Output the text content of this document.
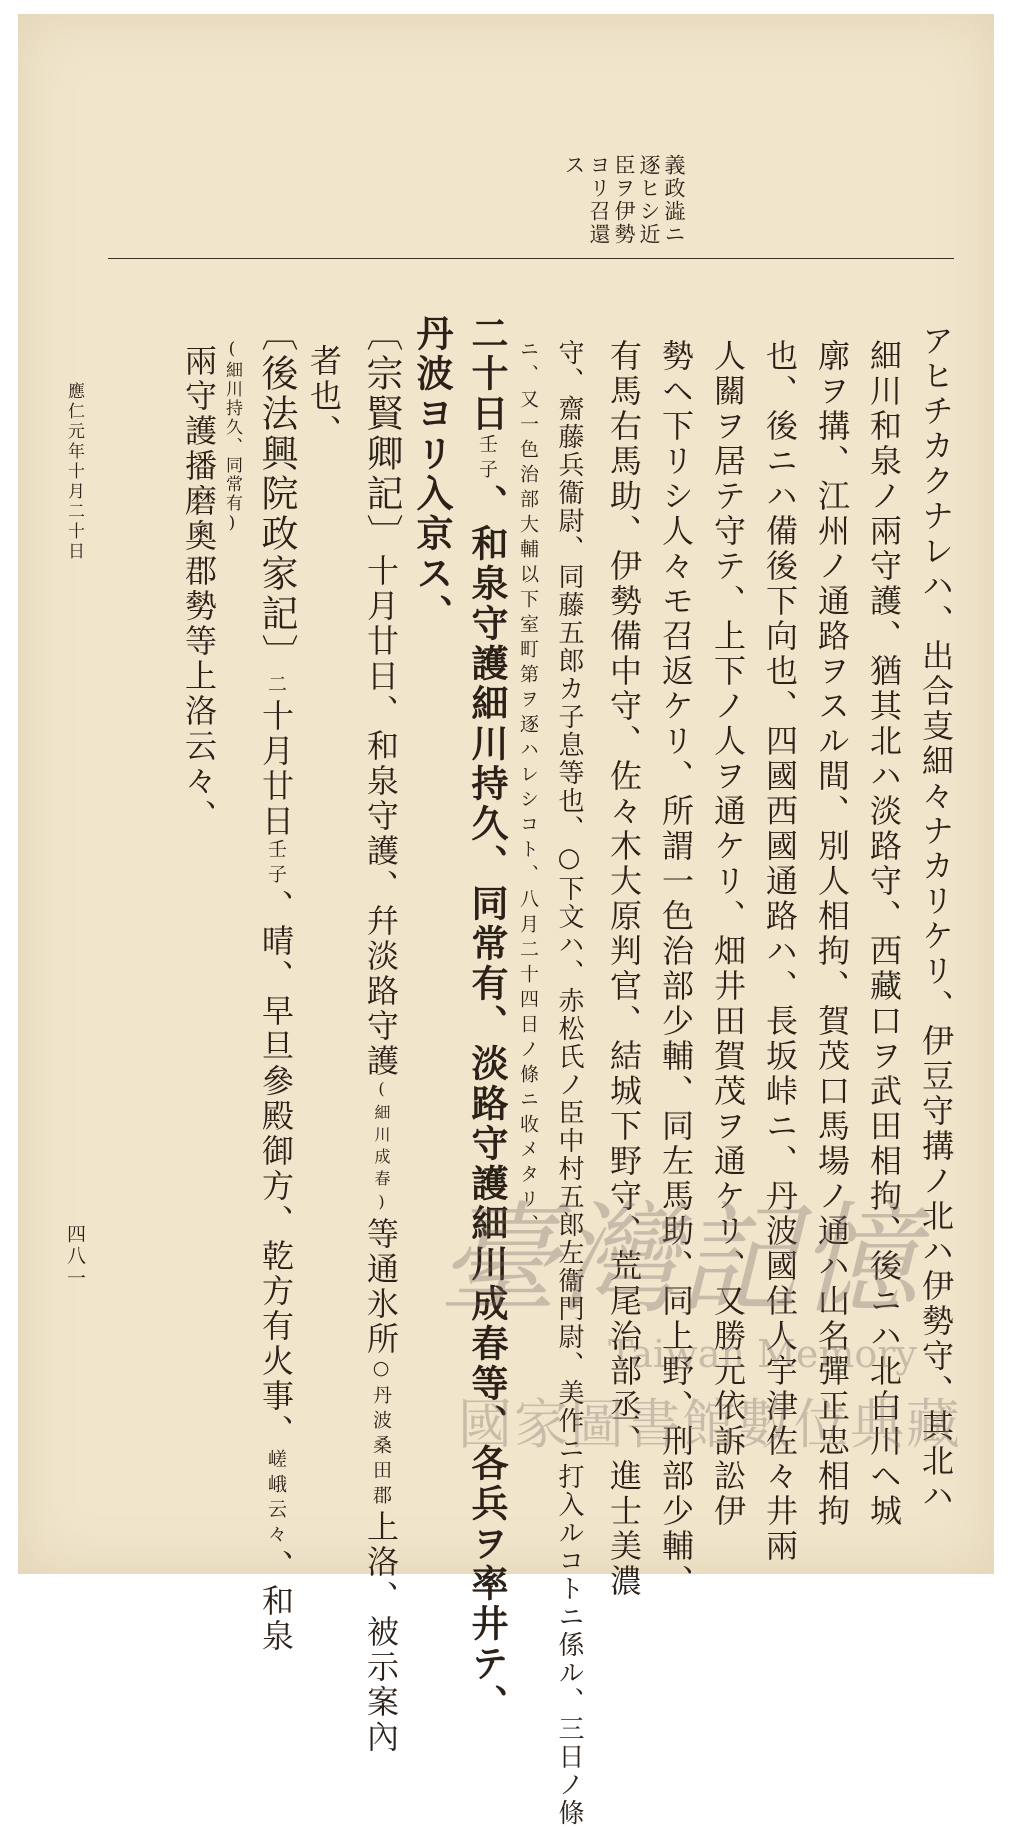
義政澁ニ
逐ヒシ近
臣ヲ伊勢
ヨリ召還
ス
アヒチカクナレハ、出合㕝細々ナカリケリ、伊豆守搆ノ北ハ伊勢守、其北ハ
細川和泉ノ兩守護、猶其北ハ淡路守、西藏口ヲ武田相拘、後ニハ北白川ヘ城
廓ヲ搆、江州ノ通路ヲスル間、別人相拘、賀茂口馬場ノ通ハ山名彈正忠相拘
也、後ニハ備後下向也、四國西國通路ハ、長坂峠ニ、丹波國住人宇津佐々井兩
人關ヲ居テ守テ、上下ノ人ヲ通ケリ、畑井田賀茂ヲ通ケリ、又勝元依訴訟伊
勢ヘ下リシ人々モ召返ケリ、所謂一色治部少輔、同左馬助、同上野、刑部少輔、
有馬右馬助、伊勢備中守、佐々木大原判官、結城下野守、荒尾治部丞、進士美濃
守、齋藤兵衞尉、同藤五郎カ子息等也、○下文ハ、赤松氏ノ臣中村五郎左衞門尉、美作ニ打入ルコトニ係ル、三日ノ條
ニ、又一色治部大輔以下室町第ヲ逐ハレシコト、八月二十四日ノ條ニ收メタリ、
二十日壬子、和泉守護細川持久、同常有、淡路守護細川成春等、各兵ヲ率井テ、
丹波ヨリ入京ス、
〔宗賢卿記〕十月廿日、和泉守護、幷淡路守護(細川成春)等通氷所○丹波桑田郡上洛、被示案內
者也、
〔後法興院政家記〕二十月廿日壬子、晴、早旦參殿御方、乾方有火事、嵯峨云々、和泉
(細川持久、同常有)
兩守護播磨奧郡勢等上洛云々、
應仁元年十月二十日
四八一	臺灣記憶
Taiwan Memory
國家圖書館數位典藏
